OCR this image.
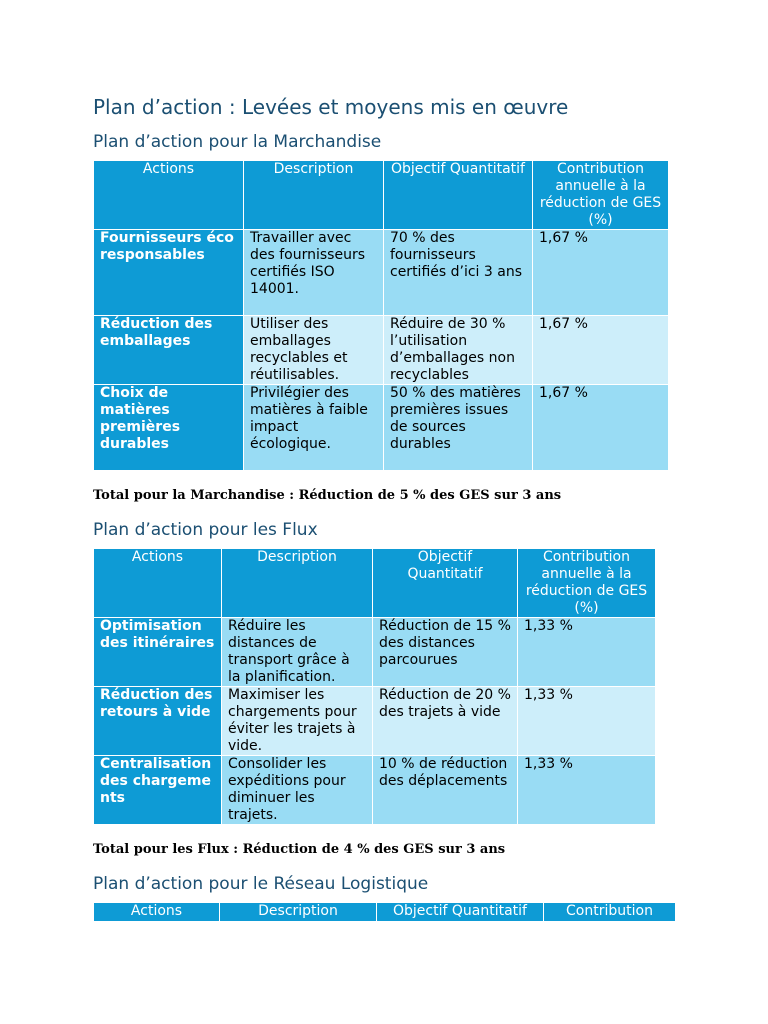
Plan d’action : Levées et moyens mis en œuvre
Plan d’action pour la Marchandise
Actions	Description	Objectif Quantitatif	Contribution annuelle à la réduction de GES (%)
Fournisseurs écoresponsables	Travailler avec des fournisseurs certifiés ISO 14001.	70 % des fournisseurs certifiés d’ici 3 ans	1,67 %
Réduction des emballages	Utiliser des emballages recyclables et réutilisables.	Réduire de 30 % l’utilisation d’emballages non recyclables	1,67 %
Choix de matières premières durables	Privilégier des matières à faible impact écologique.	50 % des matières premières issues de sources durables	1,67 %

Total pour la Marchandise : Réduction de 5 % des GES sur 3 ans

Plan d’action pour les Flux
Actions	Description	Objectif Quantitatif	Contribution annuelle à la réduction de GES (%)
Optimisation des itinéraires	Réduire les distances de transport grâce à la planification.	Réduction de 15 % des distances parcourues	1,33 %
Réduction des retours à vide	Maximiser les chargements pour éviter les trajets à vide.	Réduction de 20 % des trajets à vide	1,33 %
Centralisation des chargements	Consolider les expéditions pour diminuer les trajets.	10 % de réduction des déplacements	1,33 %

Total pour les Flux : Réduction de 4 % des GES sur 3 ans

Plan d’action pour le Réseau Logistique
Actions	Description	Objectif Quantitatif	Contribution
